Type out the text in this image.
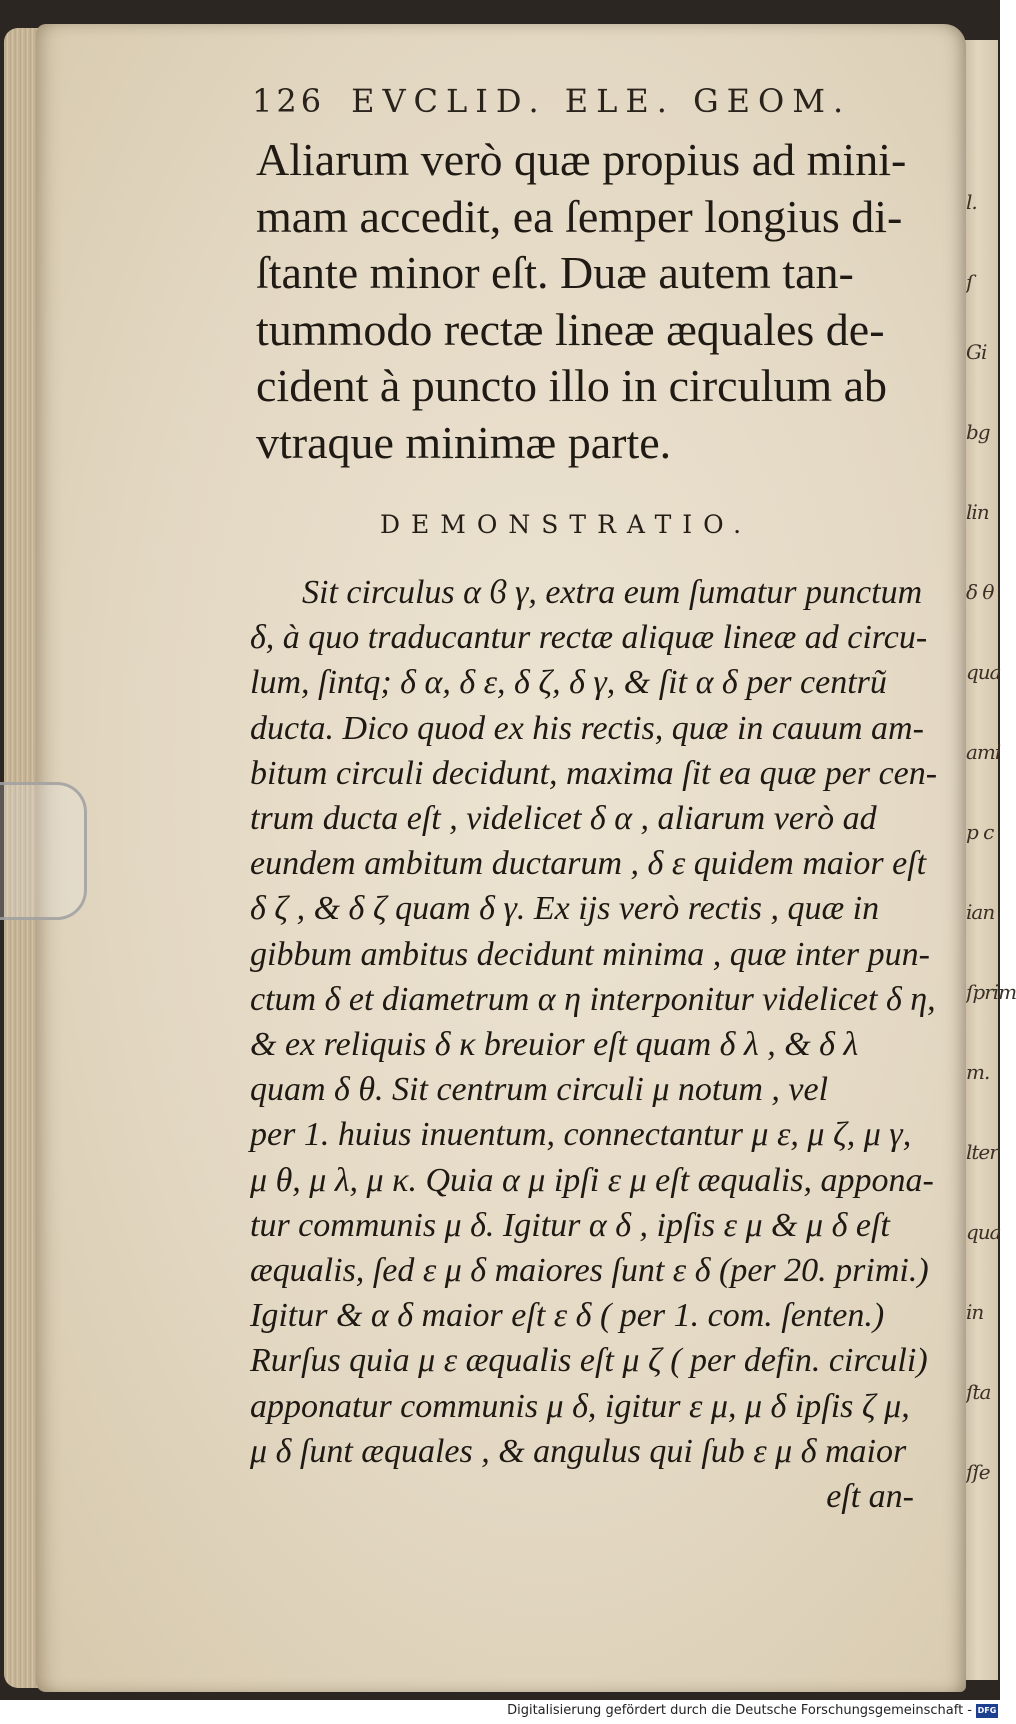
l.
ſ
Gi
bg
lin
δ θ
qua
ami
p c
ian
ſprim
m.
lter
qua
in
ſta
ſſe
126 EVCLID. ELE. GEOM.
Aliarum verò quæ propius ad mini-
mam accedit, ea ſemper longius di-
ſtante minor eſt. Duæ autem tan-
tummodo rectæ lineæ æquales de-
cident à puncto illo in circulum ab
vtraque minimæ parte.
DEMONSTRATIO.
Sit circulus α ϐ γ, extra eum ſumatur punctum
δ, à quo traducantur rectæ aliquæ lineæ ad circu-
lum, ſintq; δ α, δ ε, δ ζ, δ γ, & ſit α δ per centrũ
ducta. Dico quod ex his rectis, quæ in cauum am-
bitum circuli decidunt, maxima ſit ea quæ per cen-
trum ducta eſt , videlicet δ α , aliarum verò ad
eundem ambitum ductarum , δ ε quidem maior eſt
δ ζ , & δ ζ quam δ γ. Ex ijs verò rectis , quæ in
gibbum ambitus decidunt minima , quæ inter pun-
ctum δ et diametrum α η interponitur videlicet δ η,
& ex reliquis δ κ breuior eſt quam δ λ , & δ λ
quam δ θ. Sit centrum circuli μ notum , vel
per 1. huius inuentum, connectantur μ ε, μ ζ, μ γ,
μ θ, μ λ, μ κ. Quia α μ ipſi ε μ eſt æqualis, appona-
tur communis μ δ. Igitur α δ , ipſis ε μ & μ δ eſt
æqualis, ſed ε μ δ maiores ſunt ε δ (per 20. primi.)
Igitur & α δ maior eſt ε δ ( per 1. com. ſenten.)
Rurſus quia μ ε æqualis eſt μ ζ ( per defin. circuli)
apponatur communis μ δ, igitur ε μ, μ δ ipſis ζ μ,
μ δ ſunt æquales , & angulus qui ſub ε μ δ maior
eſt an-
Digitalisierung gefördert durch die Deutsche Forschungsgemeinschaft - DFG
